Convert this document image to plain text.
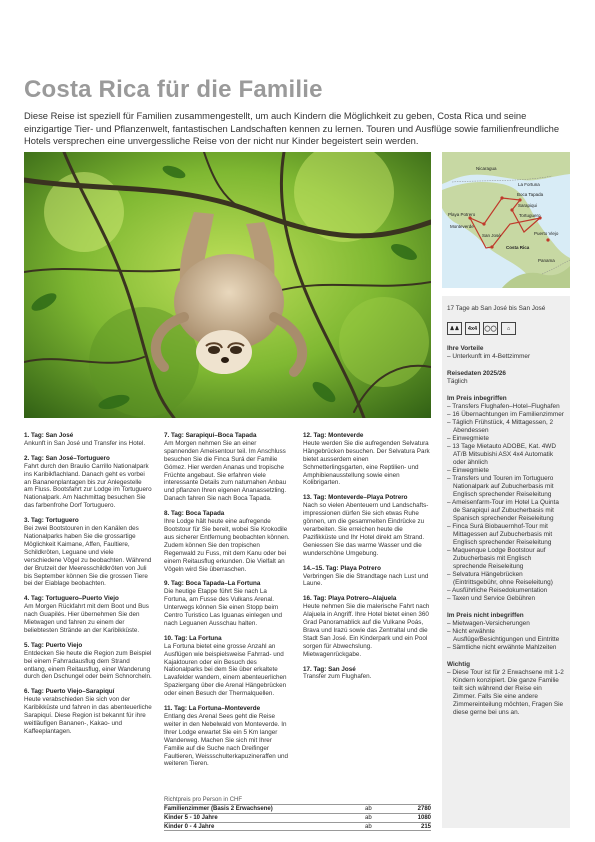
Costa Rica für die Familie
Diese Reise ist speziell für Familien zusammengestellt, um auch Kindern die Möglichkeit zu geben, Costa Rica und seine einzigartige Tier- und Pflanzenwelt, fantastischen Landschaften kennen zu lernen. Touren und Ausflüge sowie familienfreundliche Hotels versprechen eine unvergessliche Reise von der nicht nur Kinder begeistert sein werden.
Nicaragua
La Fortuna
Boca Tapada
Sarapiqui
Tortuguero
Playa Potrero
Monteverde
Puerto Viejo
San José
Costa Rica
Panama
17 Tage ab San José bis San José
♟♟	4x4	◯◯	⌂
Ihre Vorteile
– Unterkunft im 4-Bettzimmer
Reisedaten 2025/26
Täglich
Im Preis inbegriffen
– Transfers Flughafen–Hotel–Flughafen
– 16 Übernachtungen im Familienzimmer
– Täglich Frühstück, 4 Mittagessen, 2 Abendessen
– Einwegmiete
– 13 Tage Mietauto ADOBE, Kat. 4WD AT/B Mitsubishi ASX 4x4 Automatik oder ähnlich
– Einwegmiete
– Transfers und Touren im Tortuguero Nationalpark auf Zubucherbasis mit Englisch sprechender Reiseleitung
– Ameisenfarm-Tour im Hotel La Quinta de Sarapiquí auf Zubucherbasis mit Spanisch sprechender Reiseleitung
– Finca Surá Biobauernhof-Tour mit Mittagessen auf Zubucherbasis mit Englisch sprechender Reiseleitung
– Maquenque Lodge Bootstour auf Zubucherbasis mit Englisch sprechende Reiseleitung
– Selvatura Hängebrücken (Eintrittsgebühr, ohne Reiseleitung)
– Ausführliche Reisedokumentation
– Taxen und Service Gebühren
Im Preis nicht inbegriffen
– Mietwagen-Versicherungen
– Nicht erwähnte Ausflüge/Besichtigungen und Eintritte
– Sämtliche nicht erwähnte Mahlzeiten
Wichtig
– Diese Tour ist für 2 Erwachsene mit 1-2 Kindern konzipiert. Die ganze Familie teilt sich während der Reise ein Zimmer. Falls Sie eine andere Zimmereinteilung möchten, Fragen Sie diese gerne bei uns an.
1. Tag: San José
Ankunft in San José und Transfer ins Hotel.
2. Tag: San José–Tortuguero
Fahrt durch den Braulio Carrillo Nationalpark ins Karibikflachland. Danach geht es vorbei an Bananenplantagen bis zur Anlegestelle am Fluss. Bootsfahrt zur Lodge im Tortuguero Nationalpark. Am Nachmittag besuchen Sie das farbenfrohe Dorf Tortuguero.
3. Tag: Tortuguero
Bei zwei Bootstouren in den Kanälen des Nationalparks haben Sie die grossartige Möglichkeit Kaimane, Affen, Faultiere, Schildkröten, Leguane und viele verschiedene Vögel zu beobachten. Während der Brutzeit der Meeresschildkröten von Juli bis September können Sie die grossen Tiere bei der Eiablage beobachten.
4. Tag: Tortuguero–Puerto Viejo
Am Morgen Rückfahrt mit dem Boot und Bus nach Guapilés. Hier übernehmen Sie den Mietwagen und fahren zu einem der beliebtesten Strände an der Karibikküste.
5. Tag: Puerto Viejo
Entdecken Sie heute die Region zum Beispiel bei einem Fahrradausflug dem Strand entlang, einem Reitausflug, einer Wanderung durch den Dschungel oder beim Schnorcheln.
6. Tag: Puerto Viejo–Sarapiquí
Heute verabschieden Sie sich von der Karibikküste und fahren in das abenteuerliche Sarapiquí. Diese Region ist bekannt für ihre weitläufigen Bananen-, Kakao- und Kaffeeplantagen.
7. Tag: Sarapiquí–Boca Tapada
Am Morgen nehmen Sie an einer spannenden Ameisentour teil. Im Anschluss besuchen Sie die Finca Surá der Familie Gómez. Hier werden Ananas und tropische Früchte angebaut. Sie erfahren viele interessante Details zum naturnahen Anbau und pflanzen Ihren eigenen Ananassetzling. Danach fahren Sie nach Boca Tapada.
8. Tag: Boca Tapada
Ihre Lodge hält heute eine aufregende Bootstour für Sie bereit, wobei Sie Krokodile aus sicherer Entfernung beobachten können. Zudem können Sie den tropischen Regenwald zu Fuss, mit dem Kanu oder bei einem Reitausflug erkunden. Die Vielfalt an Vögeln wird Sie überraschen.
9. Tag: Boca Tapada–La Fortuna
Die heutige Etappe führt Sie nach La Fortuna, am Fusse des Vulkans Arenal. Unterwegs können Sie einen Stopp beim Centro Turistico Las Iguanas einlegen und nach Leguanen Ausschau halten.
10. Tag: La Fortuna
La Fortuna bietet eine grosse Anzahl an Ausflügen wie beispielsweise Fahrrad- und Kajaktouren oder ein Besuch des Nationalparks bei dem Sie über erkaltete Lavafelder wandern, einem abenteuerlichen Spaziergang über die Arenal Hängebrücken oder einen Besuch der Thermalquellen.
11. Tag: La Fortuna–Monteverde
Entlang des Arenal Sees geht die Reise weiter in den Nebelwald von Monteverde. In Ihrer Lodge erwartet Sie ein 5 Km langer Wanderweg. Machen Sie sich mit Ihrer Familie auf die Suche nach Dreifinger Faultieren, Weissschulterkapuzineraffen und weiteren Tieren.
12. Tag: Monteverde
Heute werden Sie die aufregenden Selvatura Hängebrücken besuchen. Der Selvatura Park bietet ausserdem einen Schmetterlingsgarten, eine Reptilien- und Amphibienausstellung sowie einen Kolibrigarten.
13. Tag: Monteverde–Playa Potrero
Nach so vielen Abenteuern und Landschafts- impressionen dürfen Sie sich etwas Ruhe gönnen, um die gesammelten Eindrücke zu verarbeiten. Sie erreichen heute die Pazifikküste und Ihr Hotel direkt am Strand. Geniessen Sie das warme Wasser und die wunderschöne Umgebung.
14.–15. Tag: Playa Potrero
Verbringen Sie die Strandtage nach Lust und Laune.
16. Tag: Playa Potrero–Alajuela
Heute nehmen Sie die malerische Fahrt nach Alajuela in Angriff. Ihre Hotel bietet einen 360 Grad Panoramablick auf die Vulkane Poás, Brava und Irazú sowie das Zentraltal und die Stadt San José. Ein Kinderpark und ein Pool sorgen für Abwechslung. Mietwagenrückgabe.
17. Tag: San José
Transfer zum Flughafen.
Richtpreis pro Person in CHF
Familienzimmer (Basis 2 Erwachsene)	ab	2780
Kinder 5 - 10 Jahre	ab	1080
Kinder 0 - 4 Jahre	ab	215
